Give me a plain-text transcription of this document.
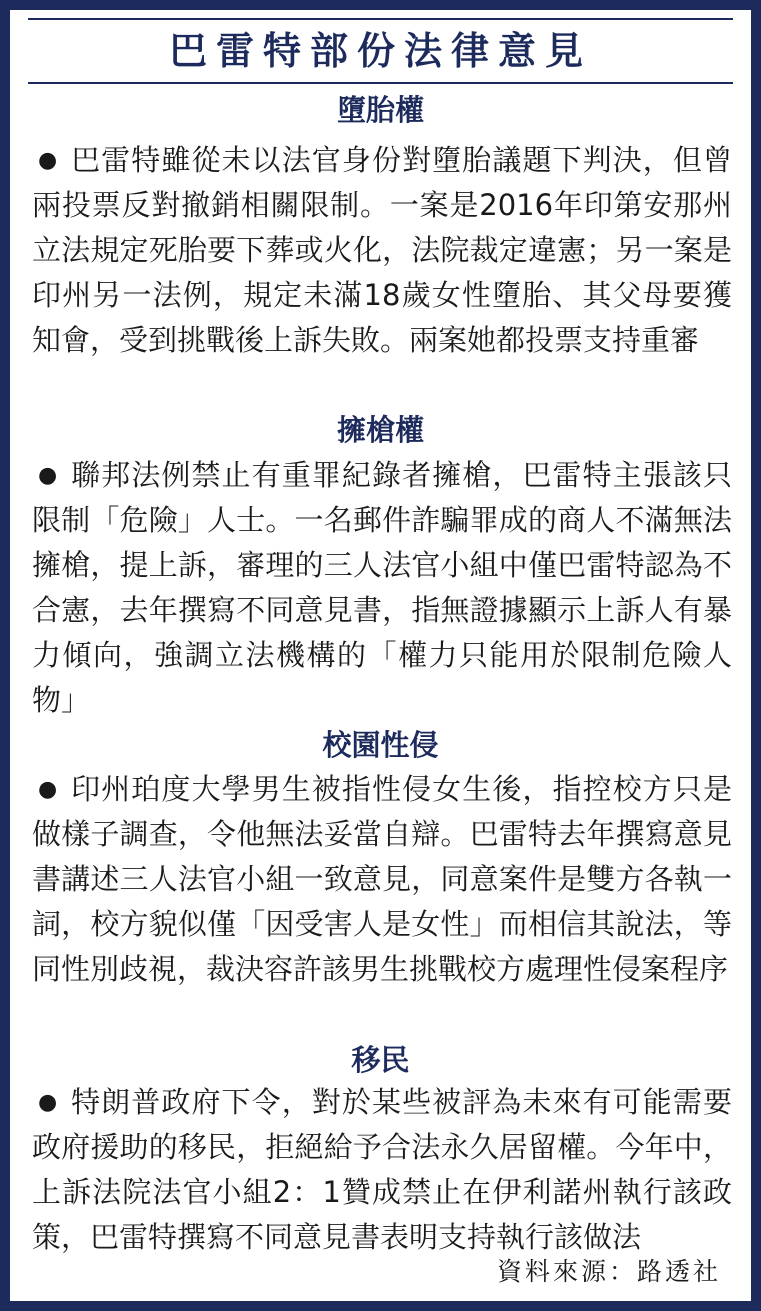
巴雷特部份法律意見
墮胎權
● 巴雷特雖從未以法官身份對墮胎議題下判決，但曾兩投票反對撤銷相關限制。一案是2016年印第安那州立法規定死胎要下葬或火化，法院裁定違憲；另一案是印州另一法例，規定未滿18歲女性墮胎、其父母要獲知會，受到挑戰後上訴失敗。兩案她都投票支持重審
擁槍權
● 聯邦法例禁止有重罪紀錄者擁槍，巴雷特主張該只限制「危險」人士。一名郵件詐騙罪成的商人不滿無法擁槍，提上訴，審理的三人法官小組中僅巴雷特認為不合憲，去年撰寫不同意見書，指無證據顯示上訴人有暴力傾向，強調立法機構的「權力只能用於限制危險人物」
校園性侵
● 印州珀度大學男生被指性侵女生後，指控校方只是做樣子調查，令他無法妥當自辯。巴雷特去年撰寫意見書講述三人法官小組一致意見，同意案件是雙方各執一詞，校方貌似僅「因受害人是女性」而相信其說法，等同性別歧視，裁決容許該男生挑戰校方處理性侵案程序
移民
● 特朗普政府下令，對於某些被評為未來有可能需要政府援助的移民，拒絕給予合法永久居留權。今年中，上訴法院法官小組2：1贊成禁止在伊利諾州執行該政策，巴雷特撰寫不同意見書表明支持執行該做法
資料來源：路透社
